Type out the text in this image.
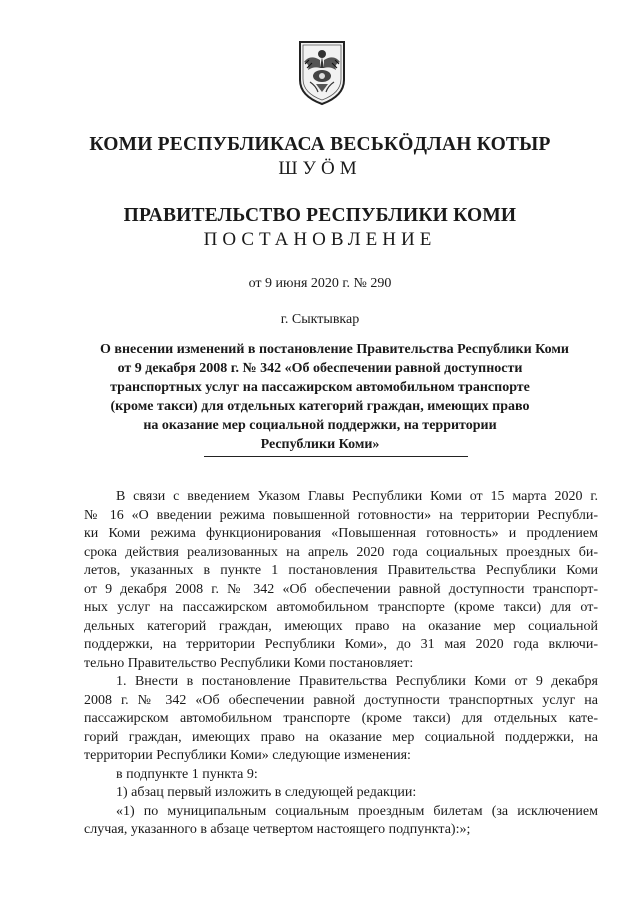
КОМИ РЕСПУБЛИКАСА ВЕСЬКӦДЛАН КОТЫР
ШУӦМ
ПРАВИТЕЛЬСТВО РЕСПУБЛИКИ КОМИ
ПОСТАНОВЛЕНИЕ
от 9 июня 2020 г. № 290
г. Сыктывкар
О внесении изменений в постановление Правительства Республики Коми
от 9 декабря 2008 г. № 342 «Об обеспечении равной доступности
транспортных услуг на пассажирском автомобильном транспорте
(кроме такси) для отдельных категорий граждан, имеющих право
на оказание мер социальной поддержки, на территории
Республики Коми»
В связи с введением Указом Главы Республики Коми от 15 марта 2020 г.
№ 16 «О введении режима повышенной готовности» на территории Республи-
ки Коми режима функционирования «Повышенная готовность» и продлением
срока действия реализованных на апрель 2020 года социальных проездных би-
летов, указанных в пункте 1 постановления Правительства Республики Коми
от 9 декабря 2008 г. № 342 «Об обеспечении равной доступности транспорт-
ных услуг на пассажирском автомобильном транспорте (кроме такси) для от-
дельных категорий граждан, имеющих право на оказание мер социальной
поддержки, на территории Республики Коми», до 31 мая 2020 года включи-
тельно Правительство Республики Коми постановляет:
1. Внести в постановление Правительства Республики Коми от 9 декабря
2008 г. № 342 «Об обеспечении равной доступности транспортных услуг на
пассажирском автомобильном транспорте (кроме такси) для отдельных кате-
горий граждан, имеющих право на оказание мер социальной поддержки, на
территории Республики Коми» следующие изменения:
в подпункте 1 пункта 9:
1) абзац первый изложить в следующей редакции:
«1) по муниципальным социальным проездным билетам (за исключением
случая, указанного в абзаце четвертом настоящего подпункта):»;
